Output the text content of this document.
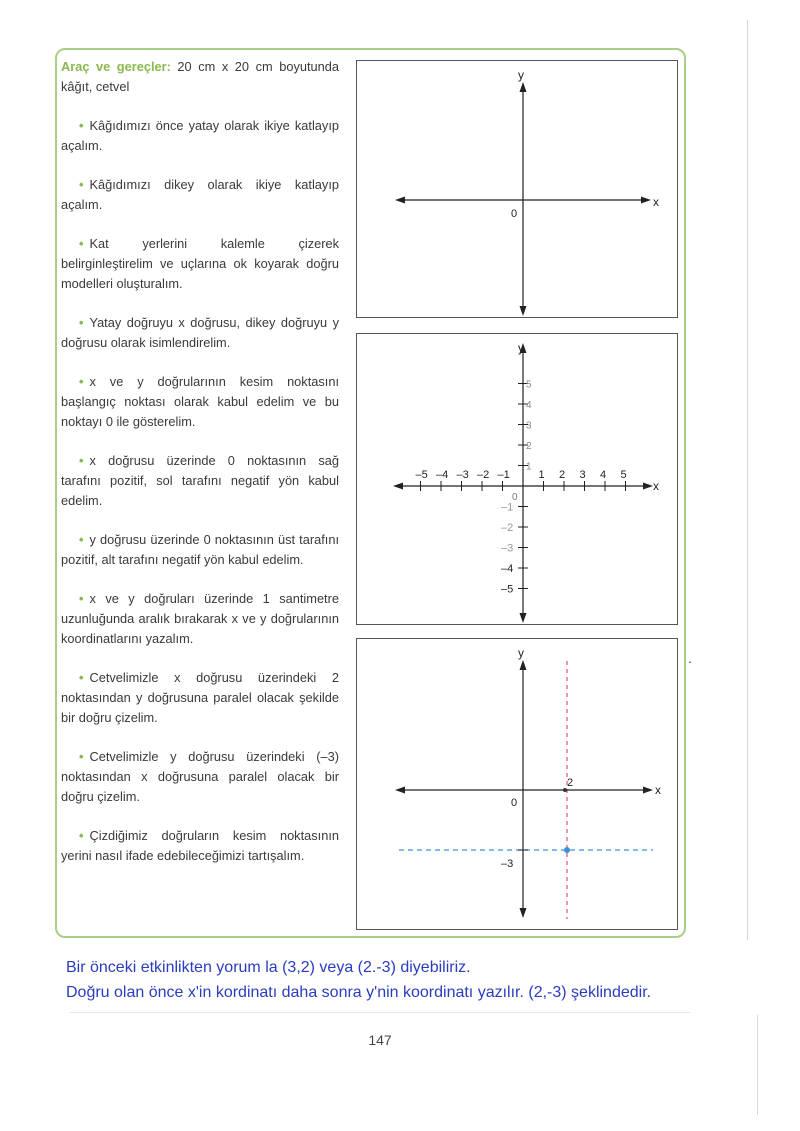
Araç ve gereçler: 20 cm x 20 cm boyutunda kâğıt, cetvel

• Kâğıdımızı önce yatay olarak ikiye katlayıp açalım.

• Kâğıdımızı dikey olarak ikiye katlayıp açalım.

• Kat yerlerini kalemle çizerek belirginleştirelim ve uçlarına ok koyarak doğru modelleri oluşturalım.

• Yatay doğruyu x doğrusu, dikey doğruyu y doğrusu olarak isimlendirelim.

• x ve y doğrularının kesim noktasını başlangıç noktası olarak kabul edelim ve bu noktayı 0 ile gösterelim.

• x doğrusu üzerinde 0 noktasının sağ tarafını pozitif, sol tarafını negatif yön kabul edelim.

• y doğrusu üzerinde 0 noktasının üst tarafını pozitif, alt tarafını negatif yön kabul edelim.

• x ve y doğruları üzerinde 1 santimetre uzunluğunda aralık bırakarak x ve y doğrularının koordinatlarını yazalım.

• Cetvelimizle x doğrusu üzerindeki 2 noktasından y doğrusuna paralel olacak şekilde bir doğru çizelim.

• Cetvelimizle y doğrusu üzerindeki (–3) noktasından x doğrusuna paralel olacak bir doğru çizelim.

• Çizdiğimiz doğruların kesim noktasının yerini nasıl ifade edebileceğimizi tartışalım.

x
y
0
–5 –4 –3 –2 –1	1 2 3 4 5
5
4
3
2
1
–1
–2
–3
–4
–5
x
y
0
x
y
0
2
–3
.

Bir önceki etkinlikten yorum la (3,2) veya (2.-3) diyebiliriz.

Doğru olan önce x'in kordinatı daha sonra y'nin koordinatı yazılır. (2,-3) şeklindedir.

147
